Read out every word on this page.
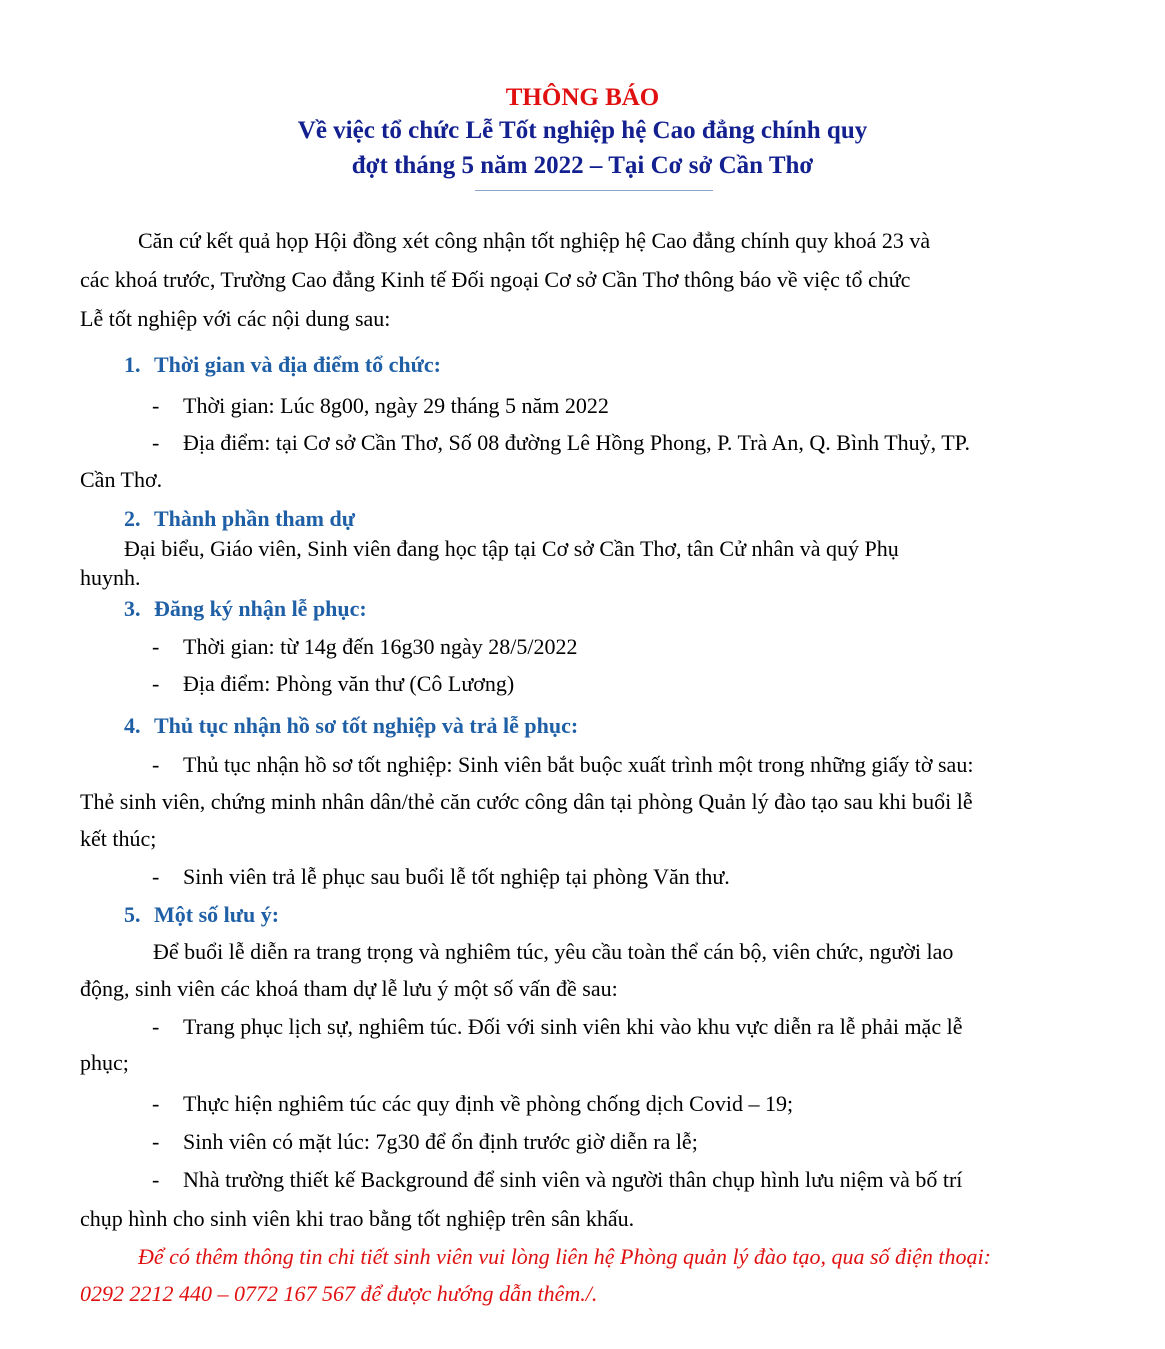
THÔNG BÁO
Về việc tổ chức Lễ Tốt nghiệp hệ Cao đẳng chính quy
đợt tháng 5 năm 2022 – Tại Cơ sở Cần Thơ
Căn cứ kết quả họp Hội đồng xét công nhận tốt nghiệp hệ Cao đẳng chính quy khoá 23 và
các khoá trước, Trường Cao đẳng Kinh tế Đối ngoại Cơ sở Cần Thơ thông báo về việc tổ chức
Lễ tốt nghiệp với các nội dung sau:
1. Thời gian và địa điểm tổ chức:
- Thời gian: Lúc 8g00, ngày 29 tháng 5 năm 2022
- Địa điểm: tại Cơ sở Cần Thơ, Số 08 đường Lê Hồng Phong, P. Trà An, Q. Bình Thuỷ, TP.
Cần Thơ.
2. Thành phần tham dự
Đại biểu, Giáo viên, Sinh viên đang học tập tại Cơ sở Cần Thơ, tân Cử nhân và quý Phụ
huynh.
3. Đăng ký nhận lễ phục:
- Thời gian: từ 14g đến 16g30 ngày 28/5/2022
- Địa điểm: Phòng văn thư (Cô Lương)
4. Thủ tục nhận hồ sơ tốt nghiệp và trả lễ phục:
- Thủ tục nhận hồ sơ tốt nghiệp: Sinh viên bắt buộc xuất trình một trong những giấy tờ sau:
Thẻ sinh viên, chứng minh nhân dân/thẻ căn cước công dân tại phòng Quản lý đào tạo sau khi buổi lễ
kết thúc;
- Sinh viên trả lễ phục sau buổi lễ tốt nghiệp tại phòng Văn thư.
5. Một số lưu ý:
Để buổi lễ diễn ra trang trọng và nghiêm túc, yêu cầu toàn thể cán bộ, viên chức, người lao
động, sinh viên các khoá tham dự lễ lưu ý một số vấn đề sau:
- Trang phục lịch sự, nghiêm túc. Đối với sinh viên khi vào khu vực diễn ra lễ phải mặc lễ
phục;
- Thực hiện nghiêm túc các quy định về phòng chống dịch Covid – 19;
- Sinh viên có mặt lúc: 7g30 để ổn định trước giờ diễn ra lễ;
- Nhà trường thiết kế Background để sinh viên và người thân chụp hình lưu niệm và bố trí
chụp hình cho sinh viên khi trao bằng tốt nghiệp trên sân khấu.
Để có thêm thông tin chi tiết sinh viên vui lòng liên hệ Phòng quản lý đào tạo, qua số điện thoại:
0292 2212 440 – 0772 167 567 để được hướng dẫn thêm./.
